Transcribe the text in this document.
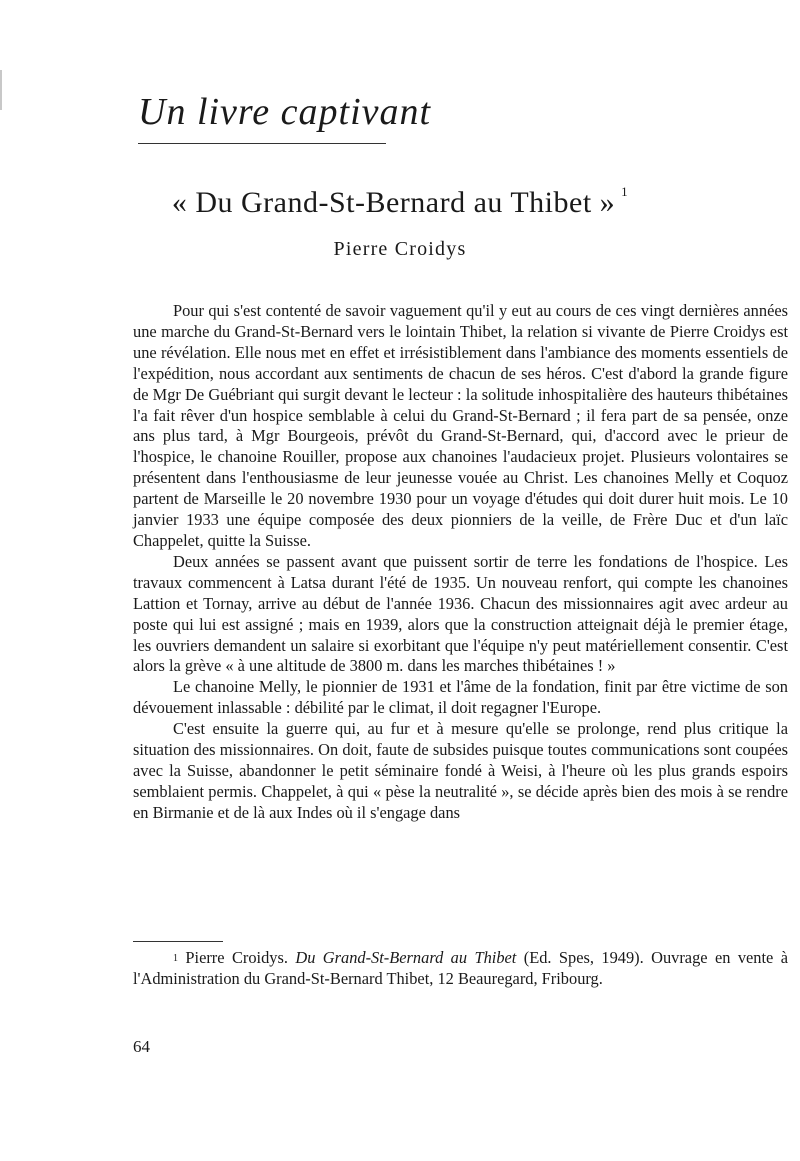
Un livre captivant
« Du Grand-St-Bernard au Thibet » $^1$
Pierre Croidys

Pour qui s'est contenté de savoir vaguement qu'il y eut au cours de ces vingt dernières années une marche du Grand-St-Bernard vers le lointain Thibet, la relation si vivante de Pierre Croidys est une révélation. Elle nous met en effet et irrésistiblement dans l'ambiance des moments essentiels de l'expédition, nous accordant aux sentiments de chacun de ses héros. C'est d'abord la grande figure de Mgr De Guébriant qui surgit devant le lecteur : la solitude inhospitalière des hauteurs thibétaines l'a fait rêver d'un hospice semblable à celui du Grand-St-Bernard ; il fera part de sa pensée, onze ans plus tard, à Mgr Bourgeois, prévôt du Grand-St-Bernard, qui, d'accord avec le prieur de l'hospice, le chanoine Rouiller, propose aux chanoines l'audacieux projet. Plusieurs volontaires se présentent dans l'enthousiasme de leur jeunesse vouée au Christ. Les chanoines Melly et Coquoz partent de Marseille le 20 novembre 1930 pour un voyage d'études qui doit durer huit mois. Le 10 janvier 1933 une équipe composée des deux pionniers de la veille, de Frère Duc et d'un laïc Chappelet, quitte la Suisse.

Deux années se passent avant que puissent sortir de terre les fondations de l'hospice. Les travaux commencent à Latsa durant l'été de 1935. Un nouveau renfort, qui compte les chanoines Lattion et Tornay, arrive au début de l'année 1936. Chacun des missionnaires agit avec ardeur au poste qui lui est assigné ; mais en 1939, alors que la construction atteignait déjà le premier étage, les ouvriers demandent un salaire si exorbitant que l'équipe n'y peut matériellement consentir. C'est alors la grève « à une altitude de 3800 m. dans les marches thibétaines ! »

Le chanoine Melly, le pionnier de 1931 et l'âme de la fondation, finit par être victime de son dévouement inlassable : débilité par le climat, il doit regagner l'Europe.

C'est ensuite la guerre qui, au fur et à mesure qu'elle se prolonge, rend plus critique la situation des missionnaires. On doit, faute de subsides puisque toutes communications sont coupées avec la Suisse, abandonner le petit séminaire fondé à Weisi, à l'heure où les plus grands espoirs semblaient permis. Chappelet, à qui « pèse la neutralité », se décide après bien des mois à se rendre en Birmanie et de là aux Indes où il s'engage dans

$^1$ Pierre Croidys. Du Grand-St-Bernard au Thibet (Ed. Spes, 1949). Ouvrage en vente à l'Administration du Grand-St-Bernard Thibet, 12 Beauregard, Fribourg.

64
